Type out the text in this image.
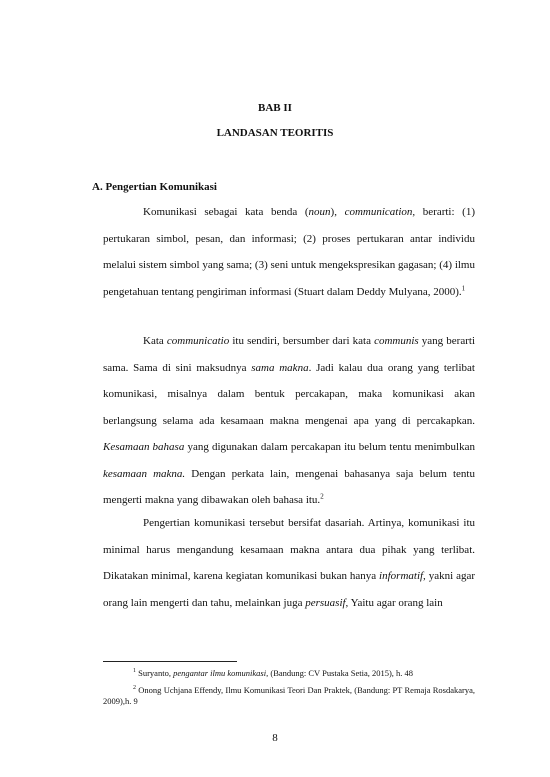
BAB II
LANDASAN TEORITIS
A. Pengertian Komunikasi

Komunikasi sebagai kata benda (noun), communication, berarti: (1) pertukaran simbol, pesan, dan informasi; (2) proses pertukaran antar individu melalui sistem simbol yang sama; (3) seni untuk mengekspresikan gagasan; (4) ilmu pengetahuan tentang pengiriman informasi (Stuart dalam Deddy Mulyana, 2000).$^1$

Kata communicatio itu sendiri, bersumber dari kata communis yang berarti sama. Sama di sini maksudnya sama makna. Jadi kalau dua orang yang terlibat komunikasi, misalnya dalam bentuk percakapan, maka komunikasi akan berlangsung selama ada kesamaan makna mengenai apa yang di percakapkan. Kesamaan bahasa yang digunakan dalam percakapan itu belum tentu menimbulkan kesamaan makna. Dengan perkata lain, mengenai bahasanya saja belum tentu mengerti makna yang dibawakan oleh bahasa itu.$^2$

Pengertian komunikasi tersebut bersifat dasariah. Artinya, komunikasi itu minimal harus mengandung kesamaan makna antara dua pihak yang terlibat. Dikatakan minimal, karena kegiatan komunikasi bukan hanya informatif, yakni agar orang lain mengerti dan tahu, melainkan juga persuasif, Yaitu agar orang lain

$^1$ Suryanto, pengantar ilmu komunikasi, (Bandung: CV Pustaka Setia, 2015), h. 48

$^2$ Onong Uchjana Effendy, Ilmu Komunikasi Teori Dan Praktek, (Bandung: PT Remaja Rosdakarya, 2009),h. 9

8
